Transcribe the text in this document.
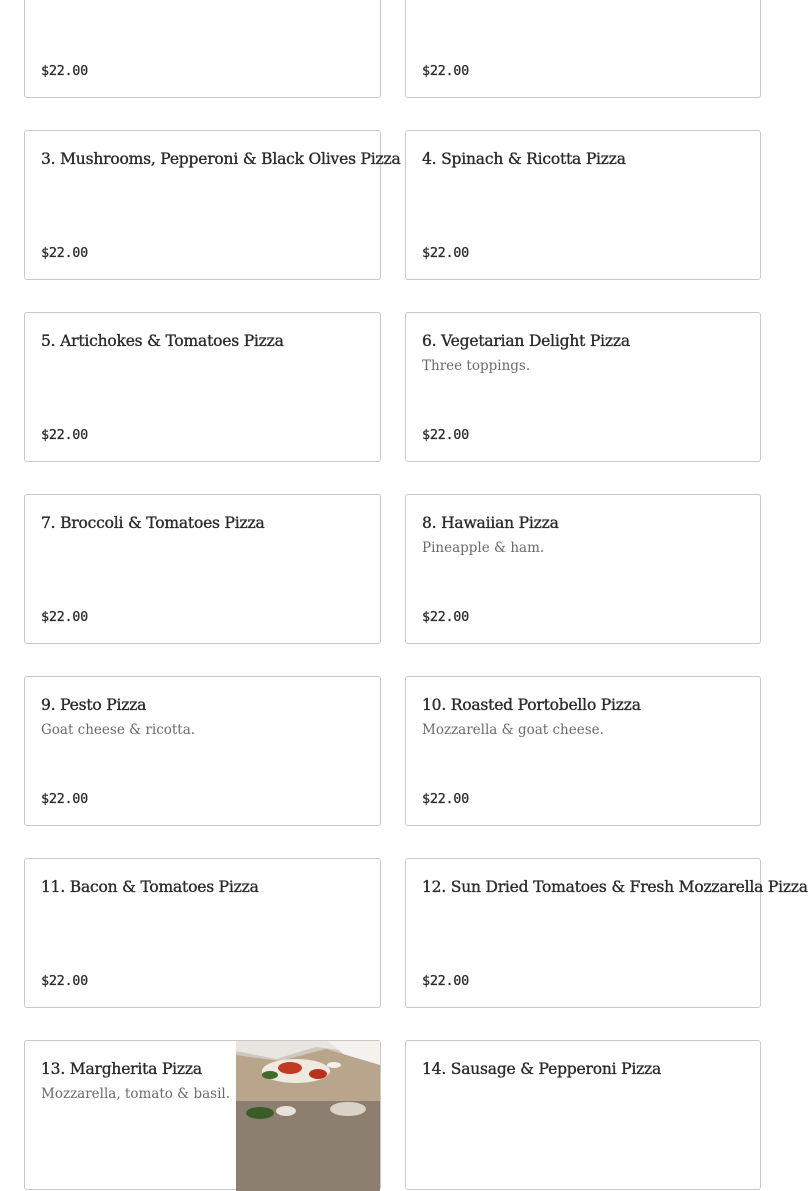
$22.00	$22.00
3. Mushrooms, Pepperoni & Black Olives Pizza
$22.00
4. Spinach & Ricotta Pizza
$22.00
5. Artichokes & Tomatoes Pizza
$22.00
6. Vegetarian Delight Pizza
Three toppings.
$22.00
7. Broccoli & Tomatoes Pizza
$22.00
8. Hawaiian Pizza
Pineapple & ham.
$22.00
9. Pesto Pizza
Goat cheese & ricotta.
$22.00
10. Roasted Portobello Pizza
Mozzarella & goat cheese.
$22.00
11. Bacon & Tomatoes Pizza
$22.00
12. Sun Dried Tomatoes & Fresh Mozzarella Pizza
$22.00
13. Margherita Pizza
Mozzarella, tomato & basil.
14. Sausage & Pepperoni Pizza
